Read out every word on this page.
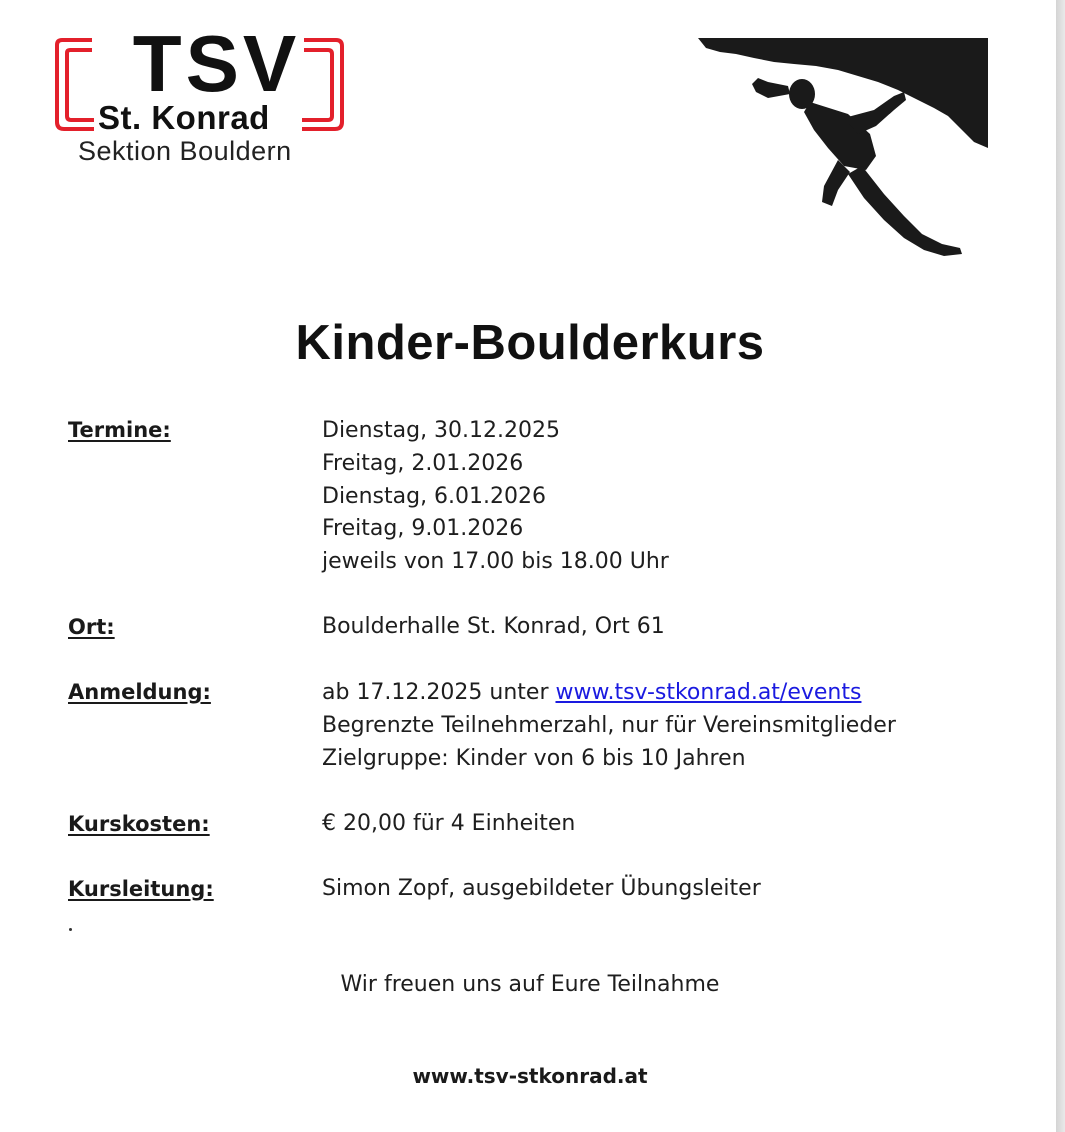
TSV
St. Konrad
Sektion Bouldern
Kinder-Boulderkurs
Termine:	Dienstag, 30.12.2025
Freitag, 2.01.2026
Dienstag, 6.01.2026
Freitag, 9.01.2026
jeweils von 17.00 bis 18.00 Uhr
Ort:	Boulderhalle St. Konrad, Ort 61
Anmeldung:	ab 17.12.2025 unter www.tsv-stkonrad.at/events
Begrenzte Teilnehmerzahl, nur für Vereinsmitglieder
Zielgruppe: Kinder von 6 bis 10 Jahren
Kurskosten:	€ 20,00 für 4 Einheiten
Kursleitung:	Simon Zopf, ausgebildeter Übungsleiter
Wir freuen uns auf Eure Teilnahme
www.tsv-stkonrad.at
